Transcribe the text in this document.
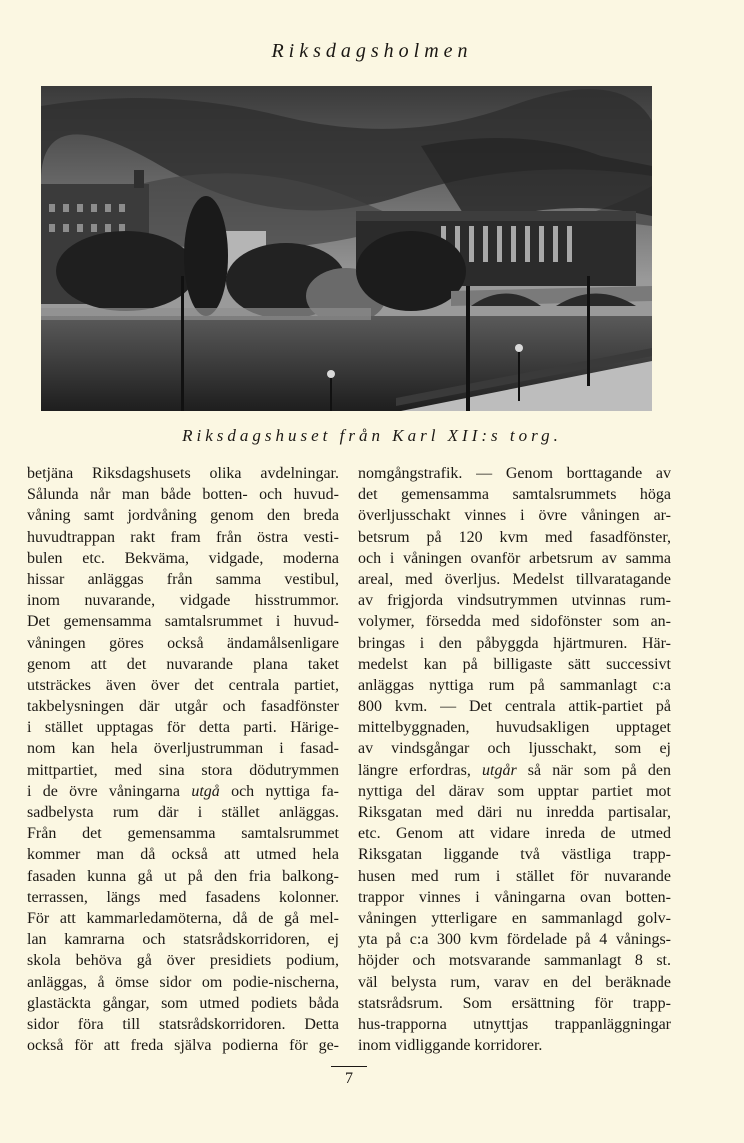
Riksdagsholmen
Riksdagshuset från Karl XII:s torg.
betjäna Riksdagshusets olika avdelningar.
Sålunda når man både botten- och huvud-
våning samt jordvåning genom den breda
huvudtrappan rakt fram från östra vesti-
bulen etc. Bekväma, vidgade, moderna
hissar anläggas från samma vestibul,
inom nuvarande, vidgade hisstrummor.
Det gemensamma samtalsrummet i huvud-
våningen göres också ändamålsenligare
genom att det nuvarande plana taket
utsträckes även över det centrala partiet,
takbelysningen där utgår och fasadfönster
i stället upptagas för detta parti. Härige-
nom kan hela överljustrumman i fasad-
mittpartiet, med sina stora dödutrymmen
i de övre våningarna utgå och nyttiga fa-
sadbelysta rum där i stället anläggas.
Från det gemensamma samtalsrummet
kommer man då också att utmed hela
fasaden kunna gå ut på den fria balkong-
terrassen, längs med fasadens kolonner.
För att kammarledamöterna, då de gå mel-
lan kamrarna och statsrådskorridoren, ej
skola behöva gå över presidiets podium,
anläggas, å ömse sidor om podie-nischerna,
glastäckta gångar, som utmed podiets båda
sidor föra till statsrådskorridoren. Detta
också för att freda själva podierna för ge-
nomgångstrafik. — Genom borttagande av
det gemensamma samtalsrummets höga
överljusschakt vinnes i övre våningen ar-
betsrum på 120 kvm med fasadfönster,
och i våningen ovanför arbetsrum av samma
areal, med överljus. Medelst tillvaratagande
av frigjorda vindsutrymmen utvinnas rum-
volymer, försedda med sidofönster som an-
bringas i den påbyggda hjärtmuren. Här-
medelst kan på billigaste sätt successivt
anläggas nyttiga rum på sammanlagt c:a
800 kvm. — Det centrala attik-partiet på
mittelbyggnaden, huvudsakligen upptaget
av vindsgångar och ljusschakt, som ej
längre erfordras, utgår så när som på den
nyttiga del därav som upptar partiet mot
Riksgatan med däri nu inredda partisalar,
etc. Genom att vidare inreda de utmed
Riksgatan liggande två västliga trapp-
husen med rum i stället för nuvarande
trappor vinnes i våningarna ovan botten-
våningen ytterligare en sammanlagd golv-
yta på c:a 300 kvm fördelade på 4 vånings-
höjder och motsvarande sammanlagt 8 st.
väl belysta rum, varav en del beräknade
statsrådsrum. Som ersättning för trapp-
hus-trapporna utnyttjas trappanläggningar
inom vidliggande korridorer.
7
